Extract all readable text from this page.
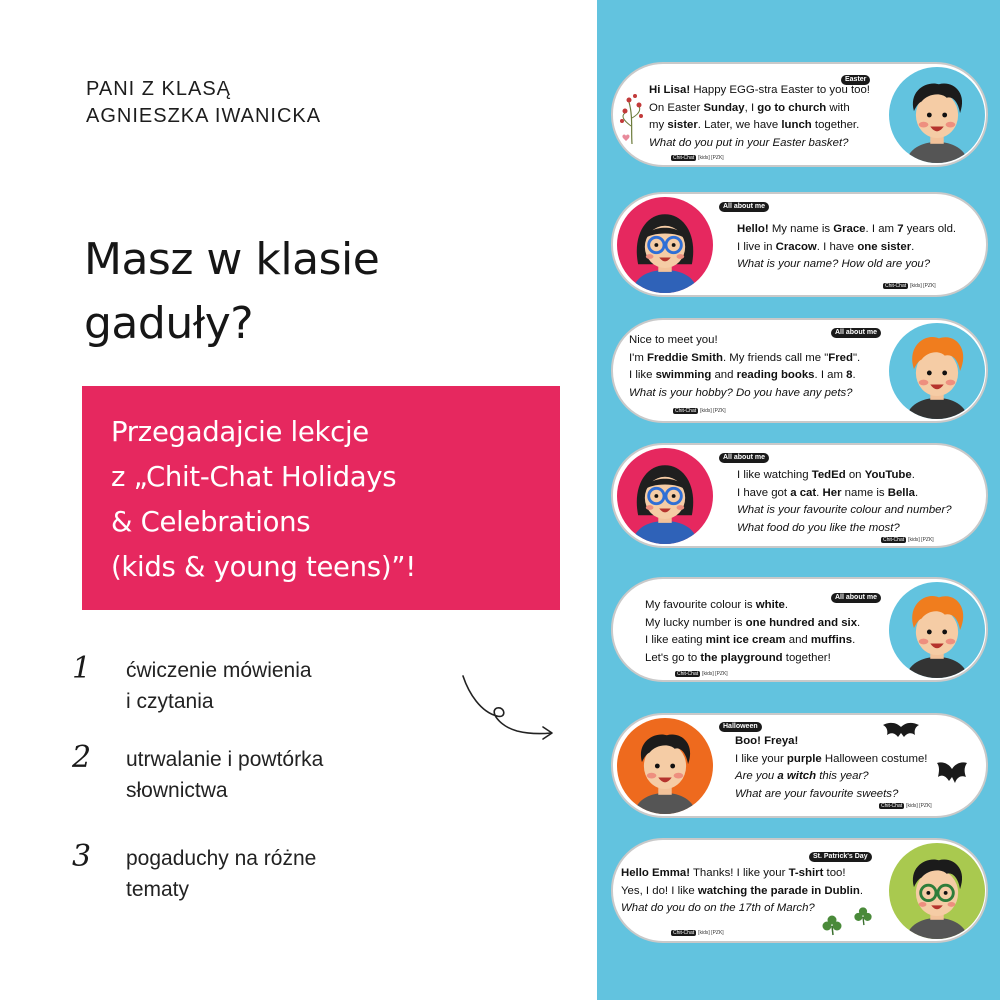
PANI Z KLASĄ
AGNIESZKA IWANICKA
Masz w klasie
gaduły?
Przegadajcie lekcje
z „Chit-Chat Holidays
& Celebrations
(kids & young teens)”!
1	ćwiczenie mówienia
i czytania
2	utrwalanie i powtórka
słownictwa
3	pogaduchy na różne
tematy
Easter
Hi Lisa! Happy EGG-stra Easter to you too!
On Easter Sunday, I go to church with
my sister. Later, we have lunch together.
What do you put in your Easter basket?
Chit-Chat [kids] [PZK]
All about me
Hello! My name is Grace. I am 7 years old.
I live in Cracow. I have one sister.
What is your name? How old are you?
Chit-Chat [kids] [PZK]
All about me
Nice to meet you!
I'm Freddie Smith. My friends call me "Fred".
I like swimming and reading books. I am 8.
What is your hobby? Do you have any pets?
Chit-Chat [kids] [PZK]
All about me
I like watching TedEd on YouTube.
I have got a cat. Her name is Bella.
What is your favourite colour and number?
What food do you like the most?
Chit-Chat [kids] [PZK]
All about me
My favourite colour is white.
My lucky number is one hundred and six.
I like eating mint ice cream and muffins.
Let's go to the playground together!
Chit-Chat [kids] [PZK]
Halloween
Boo! Freya!
I like your purple Halloween costume!
Are you a witch this year?
What are your favourite sweets?
Chit-Chat [kids] [PZK]
St. Patrick's Day
Hello Emma! Thanks! I like your T-shirt too!
Yes, I do! I like watching the parade in Dublin.
What do you do on the 17th of March?
Chit-Chat [kids] [PZK]
